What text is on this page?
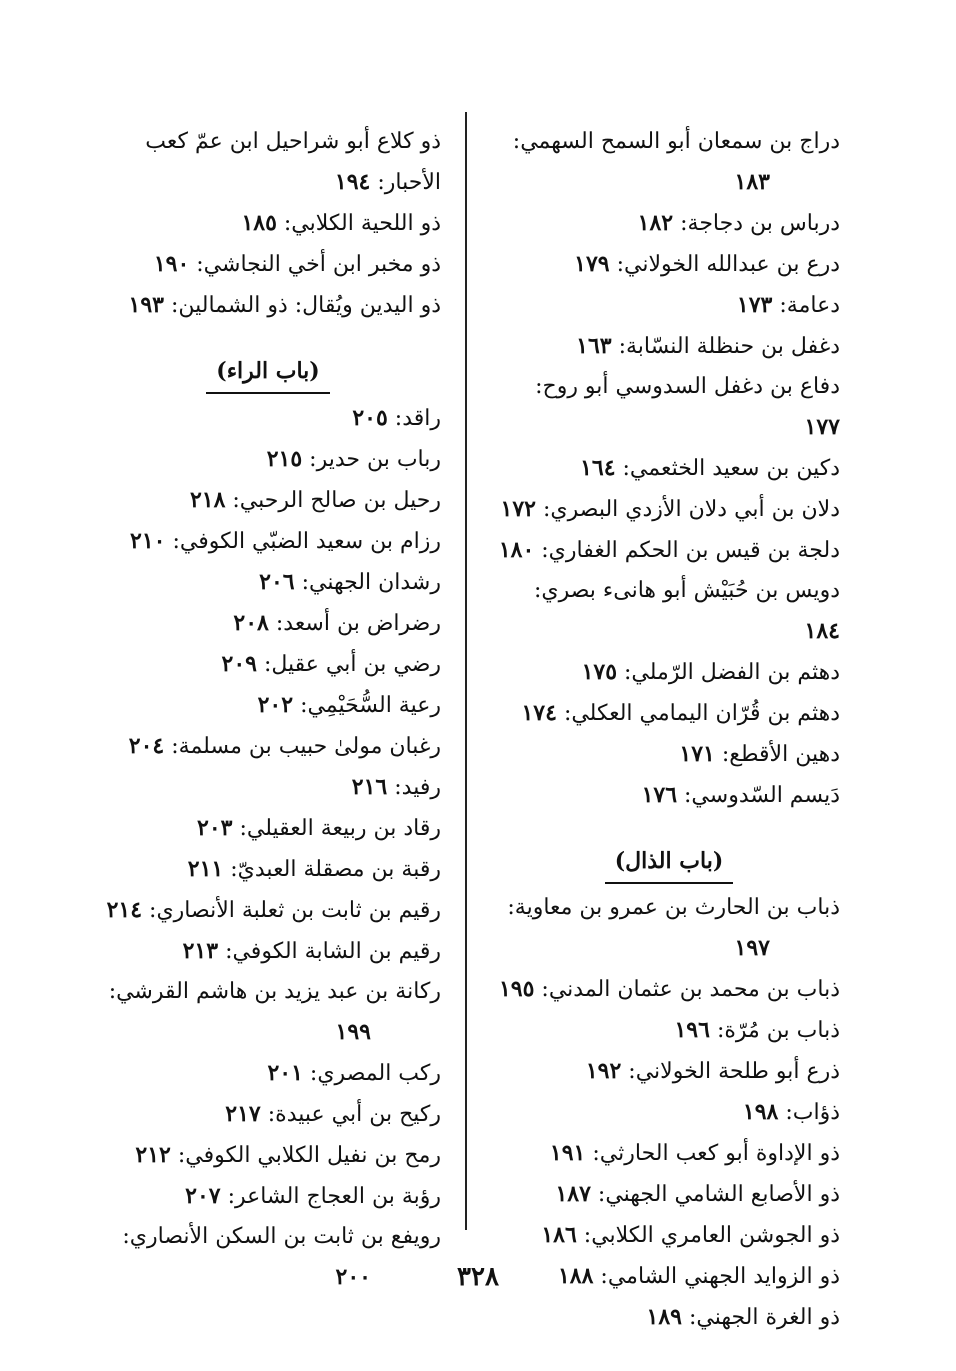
دراج بن سمعان أبو السمح السهمي:
١٨٣
درباس بن دجاجة: ١٨٢
درع بن عبدالله الخولاني: ١٧٩
دعامة: ١٧٣
دغفل بن حنظلة النسّابة: ١٦٣
دفاع بن دغفل السدوسي أبو روح: ١٧٧
دكين بن سعيد الخثعمي: ١٦٤
دلان بن أبي دلان الأزدي البصري: ١٧٢
دلجة بن قيس بن الحكم الغفاري: ١٨٠
دويس بن حُبَيْش أبو هانىء بصري: ١٨٤
دهثم بن الفضل الرّملي: ١٧٥
دهثم بن قُرّان اليمامي العكلي: ١٧٤
دهين الأقطع: ١٧١
دَيسم السّدوسي: ١٧٦
(باب الذال)
ذباب بن الحارث بن عمرو بن معاوية:
١٩٧
ذباب بن محمد بن عثمان المدني: ١٩٥
ذباب بن مُرّة: ١٩٦
ذرع أبو طلحة الخولاني: ١٩٢
ذؤاب: ١٩٨
ذو الإداوة أبو كعب الحارثي: ١٩١
ذو الأصابع الشامي الجهني: ١٨٧
ذو الجوشن العامري الكلابي: ١٨٦
ذو الزوايد الجهني الشامي: ١٨٨
ذو الغرة الجهني: ١٨٩
ذو كلاع أبو شراحيل ابن عمّ كعب الأحبار: ١٩٤
ذو اللحية الكلابي: ١٨٥
ذو مخبر ابن أخي النجاشي: ١٩٠
ذو اليدين ويُقال: ذو الشمالين: ١٩٣
(باب الراء)
راقد: ٢٠٥
رباب بن حدير: ٢١٥
رحيل بن صالح الرحبي: ٢١٨
رزام بن سعيد الضبّي الكوفي: ٢١٠
رشدان الجهني: ٢٠٦
رضراض بن أسعد: ٢٠٨
رضي بن أبي عقيل: ٢٠٩
رعية السُّحَيْمِي: ٢٠٢
رغبان مولىٰ حبيب بن مسلمة: ٢٠٤
رفيد: ٢١٦
رقاد بن ربيعة العقيلي: ٢٠٣
رقبة بن مصقلة العبديّ: ٢١١
رقيم بن ثابت بن ثعلبة الأنصاري: ٢١٤
رقيم بن الشابة الكوفي: ٢١٣
ركانة بن عبد يزيد بن هاشم القرشي:
١٩٩
ركب المصري: ٢٠١
ركيح بن أبي عبيدة: ٢١٧
رمح بن نفيل الكلابي الكوفي: ٢١٢
رؤبة بن العجاج الشاعر: ٢٠٧
رويفع بن ثابت بن السكن الأنصاري:
٢٠٠	٣٢٨
